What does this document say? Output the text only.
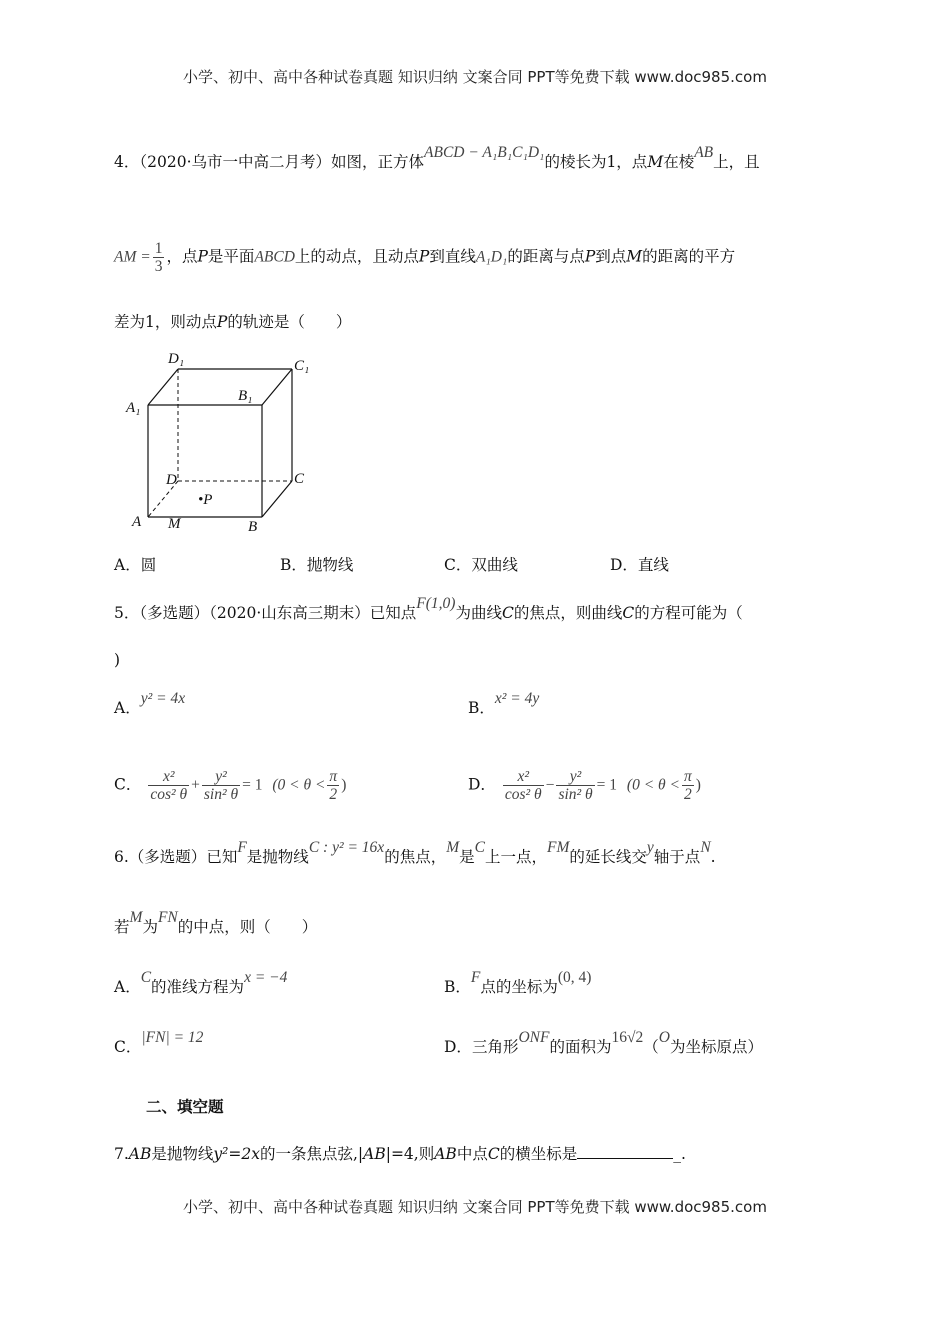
小学、初中、高中各种试卷真题 知识归纳 文案合同 PPT等免费下载 www.doc985.com
4．（2020·乌市一中高二月考）如图，正方体ABCD − A₁B₁C₁D₁的棱长为1，点M在棱AB上，且
AM = $\frac{1}{3}$ ，点P是平面ABCD上的动点，且动点P到直线A₁D₁的距离与点P到点M的距离的平方
差为1，则动点P的轨迹是（　　）
D₁	C₁
B₁
A₁
D	C
•P
A M	B
A．圆	B．抛物线	C．双曲线	D．直线
5．（多选题）（2020·山东高三期末）已知点F(1,0)为曲线C的焦点，则曲线C的方程可能为（
)
A．y² = 4x
B．x² = 4y
C． $\frac{\text{x²}}{\text{cos² θ}} + \frac{\text{y²}}{\text{sin² θ}} = 1$ ($0 < \theta < \frac{\pi}{2}$ )	D． $\frac{\text{x²}}{\text{cos² θ}} - \frac{\text{y²}}{\text{sin² θ}} = 1$ ($0 < \theta < \frac{\pi}{2}$ )
6.（多选题）已知F是抛物线C : y² = 16x的焦点，M是C上一点，FM的延长线交y轴于点N.
若M为FN的中点，则（　　）
A．C的准线方程为x = −4
B．F点的坐标为(0, 4)
C．|FN| = 12
D．三角形ONF的面积为16√2（O为坐标原点）
二、填空题
7.AB是抛物线y²=2x的一条焦点弦,|AB|=4,则AB中点C的横坐标是	_.
小学、初中、高中各种试卷真题 知识归纳 文案合同 PPT等免费下载 www.doc985.com
